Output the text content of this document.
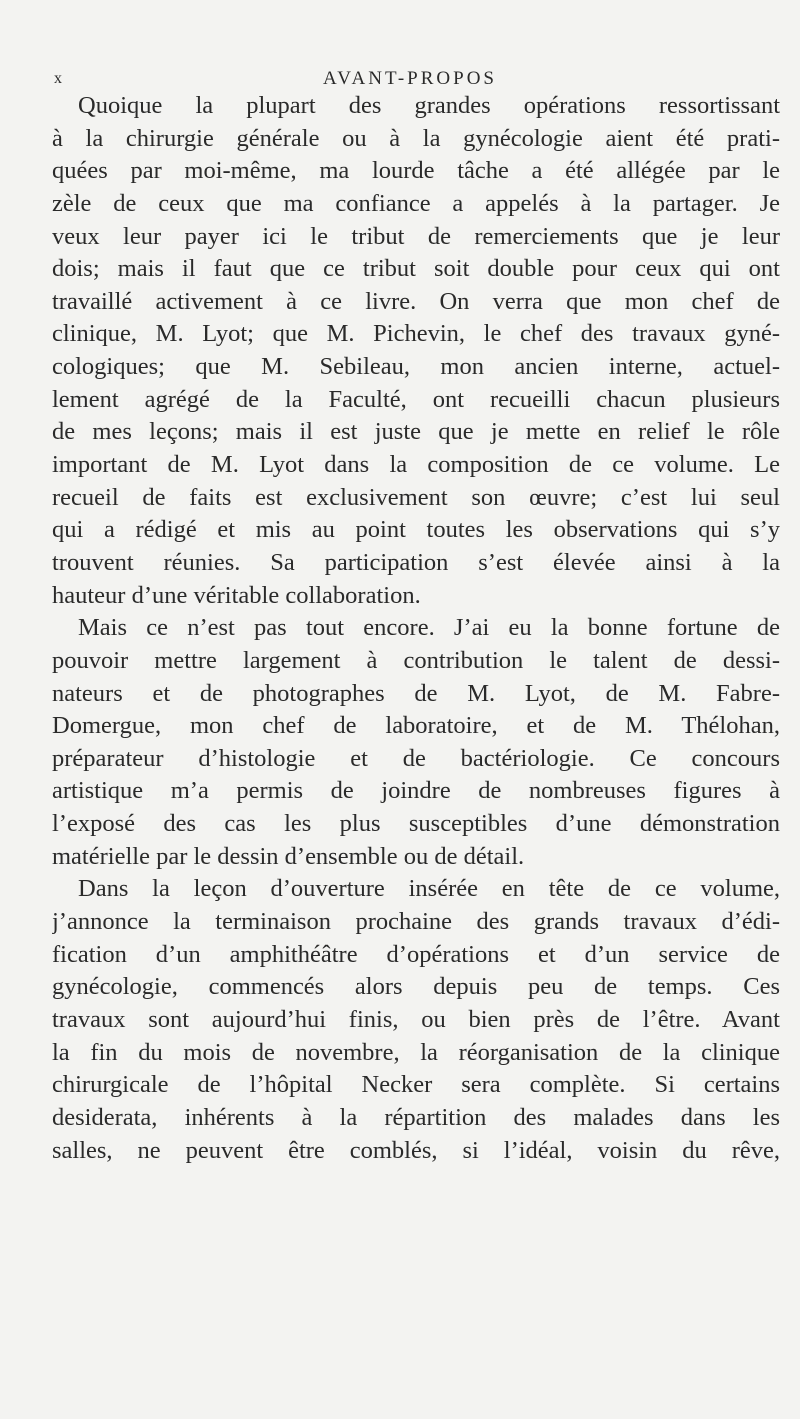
x	AVANT-PROPOS
Quoique la plupart des grandes opérations ressortissant
à la chirurgie générale ou à la gynécologie aient été prati-
quées par moi-même, ma lourde tâche a été allégée par le
zèle de ceux que ma confiance a appelés à la partager. Je
veux leur payer ici le tribut de remerciements que je leur
dois; mais il faut que ce tribut soit double pour ceux qui ont
travaillé activement à ce livre. On verra que mon chef de
clinique, M. Lyot; que M. Pichevin, le chef des travaux gyné-
cologiques; que M. Sebileau, mon ancien interne, actuel-
lement agrégé de la Faculté, ont recueilli chacun plusieurs
de mes leçons; mais il est juste que je mette en relief le rôle
important de M. Lyot dans la composition de ce volume. Le
recueil de faits est exclusivement son œuvre; c’est lui seul
qui a rédigé et mis au point toutes les observations qui s’y
trouvent réunies. Sa participation s’est élevée ainsi à la
hauteur d’une véritable collaboration.
Mais ce n’est pas tout encore. J’ai eu la bonne fortune de
pouvoir mettre largement à contribution le talent de dessi-
nateurs et de photographes de M. Lyot, de M. Fabre-
Domergue, mon chef de laboratoire, et de M. Thélohan,
préparateur d’histologie et de bactériologie. Ce concours
artistique m’a permis de joindre de nombreuses figures à
l’exposé des cas les plus susceptibles d’une démonstration
matérielle par le dessin d’ensemble ou de détail.
Dans la leçon d’ouverture insérée en tête de ce volume,
j’annonce la terminaison prochaine des grands travaux d’édi-
fication d’un amphithéâtre d’opérations et d’un service de
gynécologie, commencés alors depuis peu de temps. Ces
travaux sont aujourd’hui finis, ou bien près de l’être. Avant
la fin du mois de novembre, la réorganisation de la clinique
chirurgicale de l’hôpital Necker sera complète. Si certains
desiderata, inhérents à la répartition des malades dans les
salles, ne peuvent être comblés, si l’idéal, voisin du rêve,
